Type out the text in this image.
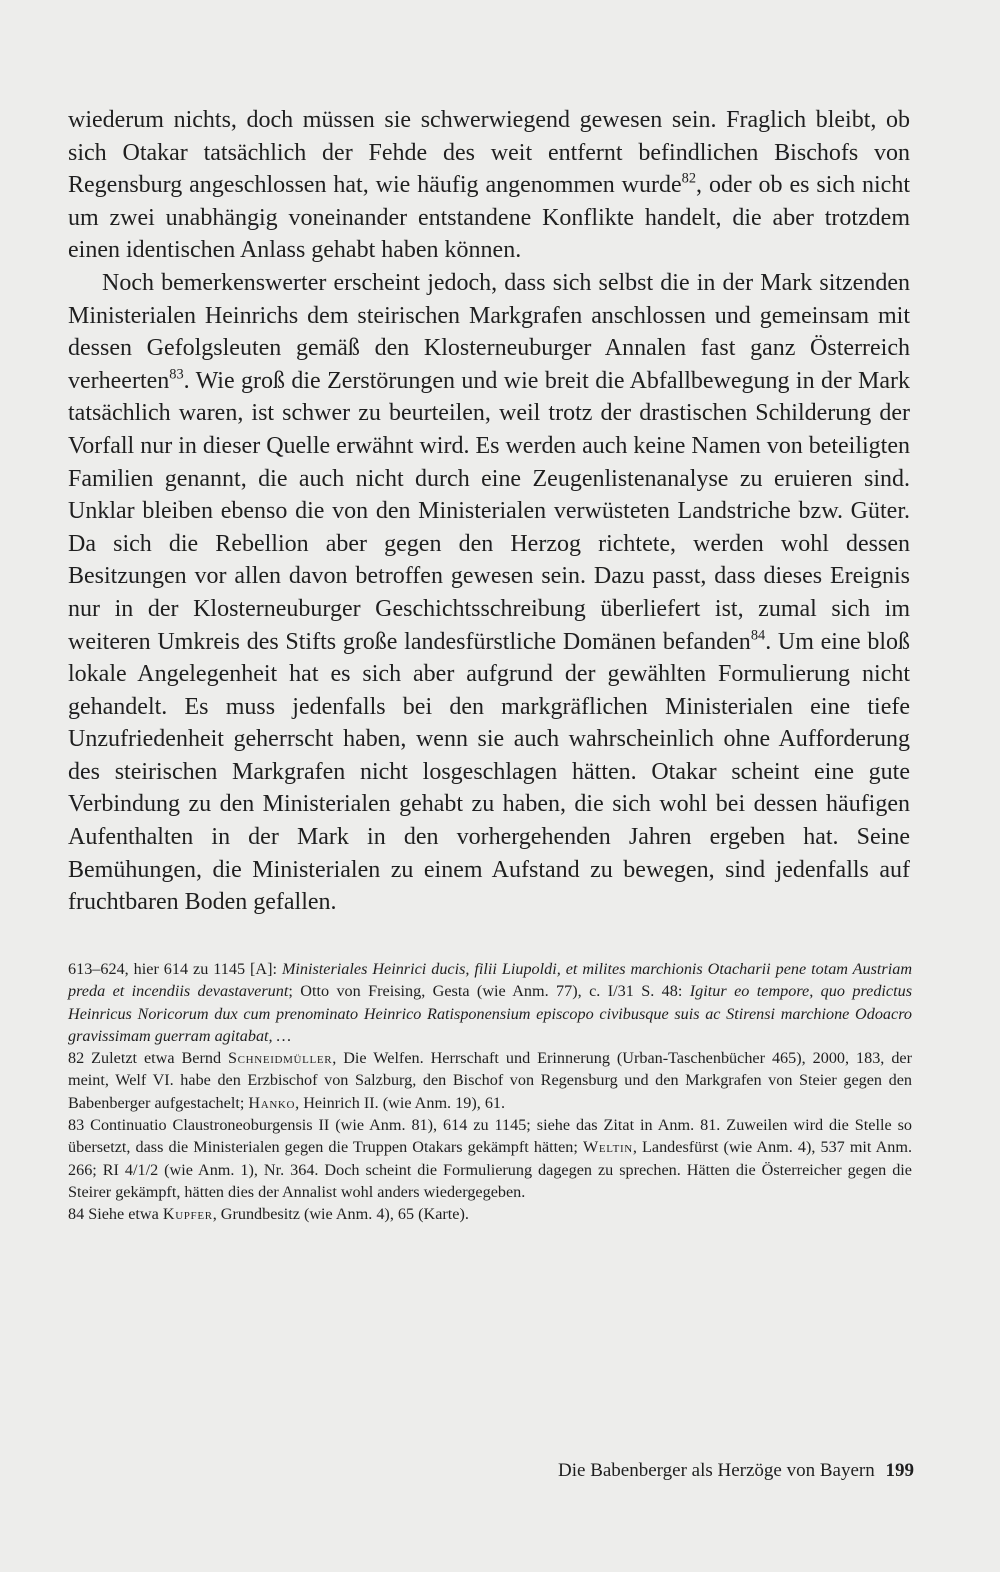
wiederum nichts, doch müssen sie schwerwiegend gewesen sein. Fraglich bleibt, ob sich Otakar tatsächlich der Fehde des weit entfernt befindlichen Bischofs von Regensburg angeschlossen hat, wie häufig angenommen wurde$^{82}$, oder ob es sich nicht um zwei unabhängig voneinander entstandene Konflikte handelt, die aber trotzdem einen identischen Anlass gehabt haben können.

Noch bemerkenswerter erscheint jedoch, dass sich selbst die in der Mark sitzenden Ministerialen Heinrichs dem steirischen Markgrafen anschlossen und gemeinsam mit dessen Gefolgsleuten gemäß den Klosterneuburger Annalen fast ganz Österreich verheerten$^{83}$. Wie groß die Zerstörungen und wie breit die Abfallbewegung in der Mark tatsächlich waren, ist schwer zu beurteilen, weil trotz der drastischen Schilderung der Vorfall nur in dieser Quelle erwähnt wird. Es werden auch keine Namen von beteiligten Familien genannt, die auch nicht durch eine Zeugenlistenanalyse zu eruieren sind. Unklar bleiben ebenso die von den Ministerialen verwüsteten Landstriche bzw. Güter. Da sich die Rebellion aber gegen den Herzog richtete, werden wohl dessen Besitzungen vor allen davon betroffen gewesen sein. Dazu passt, dass dieses Ereignis nur in der Klosterneuburger Geschichtsschreibung überliefert ist, zumal sich im weiteren Umkreis des Stifts große landesfürstliche Domänen befanden$^{84}$. Um eine bloß lokale Angelegenheit hat es sich aber aufgrund der gewählten Formulierung nicht gehandelt. Es muss jedenfalls bei den markgräflichen Ministerialen eine tiefe Unzufriedenheit geherrscht haben, wenn sie auch wahrscheinlich ohne Aufforderung des steirischen Markgrafen nicht losgeschlagen hätten. Otakar scheint eine gute Verbindung zu den Ministerialen gehabt zu haben, die sich wohl bei dessen häufigen Aufenthalten in der Mark in den vorhergehenden Jahren ergeben hat. Seine Bemühungen, die Ministerialen zu einem Aufstand zu bewegen, sind jedenfalls auf fruchtbaren Boden gefallen.

613–624, hier 614 zu 1145 [A]: Ministeriales Heinrici ducis, filii Liupoldi, et milites marchionis Otacharii pene totam Austriam preda et incendiis devastaverunt; Otto von Freising, Gesta (wie Anm. 77), c. I/31 S. 48: Igitur eo tempore, quo predictus Heinricus Noricorum dux cum prenominato Heinrico Ratisponensium episcopo civibusque suis ac Stirensi marchione Odoacro gravissimam guerram agitabat, …

82 Zuletzt etwa Bernd Schneidmüller, Die Welfen. Herrschaft und Erinnerung (Urban-Taschenbücher 465), 2000, 183, der meint, Welf VI. habe den Erzbischof von Salzburg, den Bischof von Regensburg und den Markgrafen von Steier gegen den Babenberger aufgestachelt; Hanko, Heinrich II. (wie Anm. 19), 61.

83 Continuatio Claustroneoburgensis II (wie Anm. 81), 614 zu 1145; siehe das Zitat in Anm. 81. Zuweilen wird die Stelle so übersetzt, dass die Ministerialen gegen die Truppen Otakars gekämpft hätten; Weltin, Landesfürst (wie Anm. 4), 537 mit Anm. 266; RI 4/1/2 (wie Anm. 1), Nr. 364. Doch scheint die Formulierung dagegen zu sprechen. Hätten die Österreicher gegen die Steirer gekämpft, hätten dies der Annalist wohl anders wiedergegeben.

84 Siehe etwa Kupfer, Grundbesitz (wie Anm. 4), 65 (Karte).

Die Babenberger als Herzöge von Bayern 199
